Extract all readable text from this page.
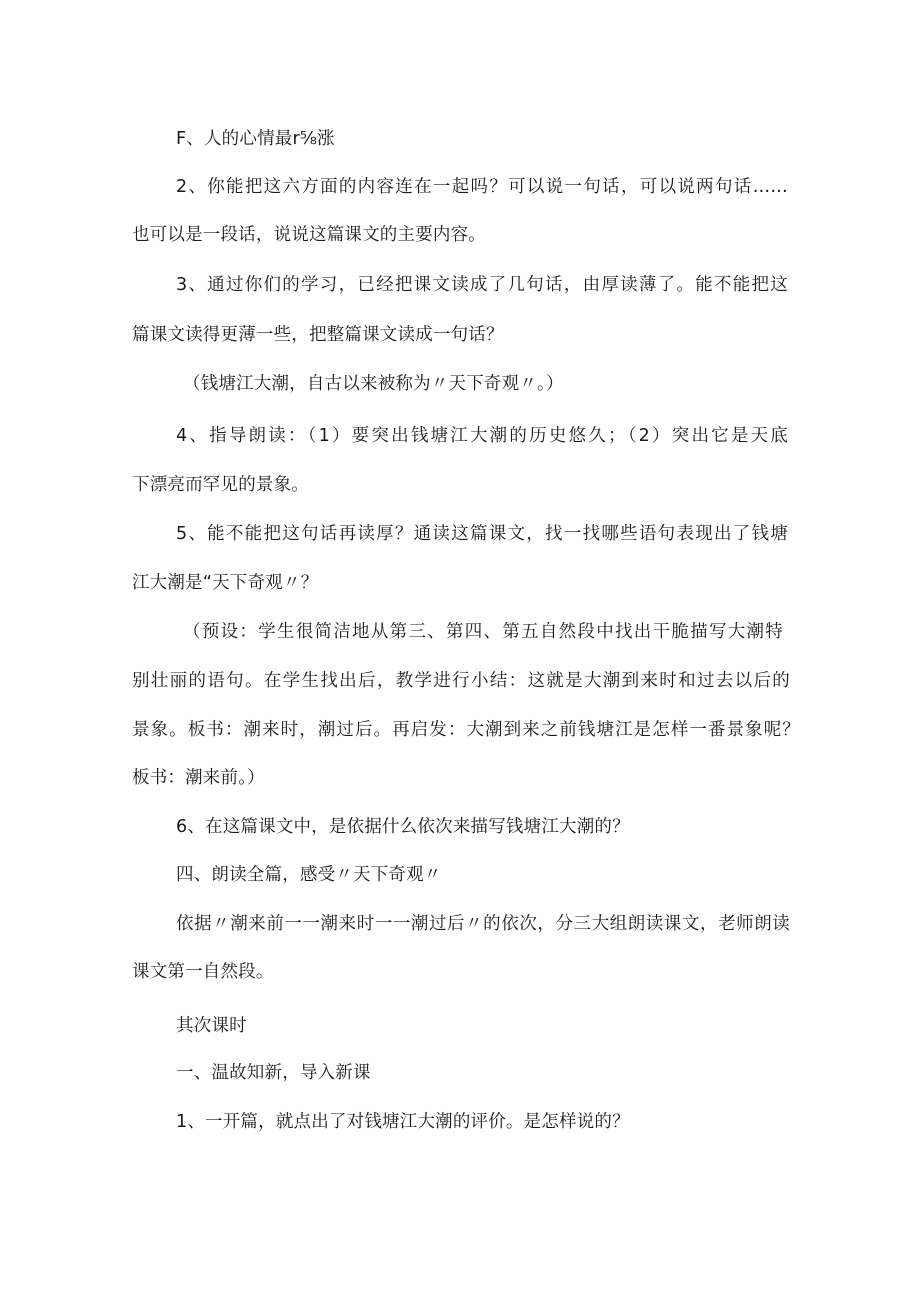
F、人的心情最r⅝涨

2、你能把这六方面的内容连在一起吗？可以说一句话，可以说两句话……

也可以是一段话，说说这篇课文的主要内容。

3、通过你们的学习，已经把课文读成了几句话，由厚读薄了。能不能把这

篇课文读得更薄一些，把整篇课文读成一句话？

（钱塘江大潮，自古以来被称为〃天下奇观〃。）

4、指导朗读：（1）要突出钱塘江大潮的历史悠久；（2）突出它是天底

下漂亮而罕见的景象。

5、能不能把这句话再读厚？通读这篇课文，找一找哪些语句表现出了钱塘

江大潮是“天下奇观〃？

（预设：学生很简洁地从第三、第四、第五自然段中找出干脆描写大潮特

别壮丽的语句。在学生找出后，教学进行小结：这就是大潮到来时和过去以后的

景象。板书：潮来时，潮过后。再启发：大潮到来之前钱塘江是怎样一番景象呢？

板书：潮来前。）

6、在这篇课文中，是依据什么依次来描写钱塘江大潮的？

四、朗读全篇，感受〃天下奇观〃

依据〃潮来前一一潮来时一一潮过后〃的依次，分三大组朗读课文，老师朗读

课文第一自然段。

其次课时

一、温故知新，导入新课

1、一开篇，就点出了对钱塘江大潮的评价。是怎样说的？
